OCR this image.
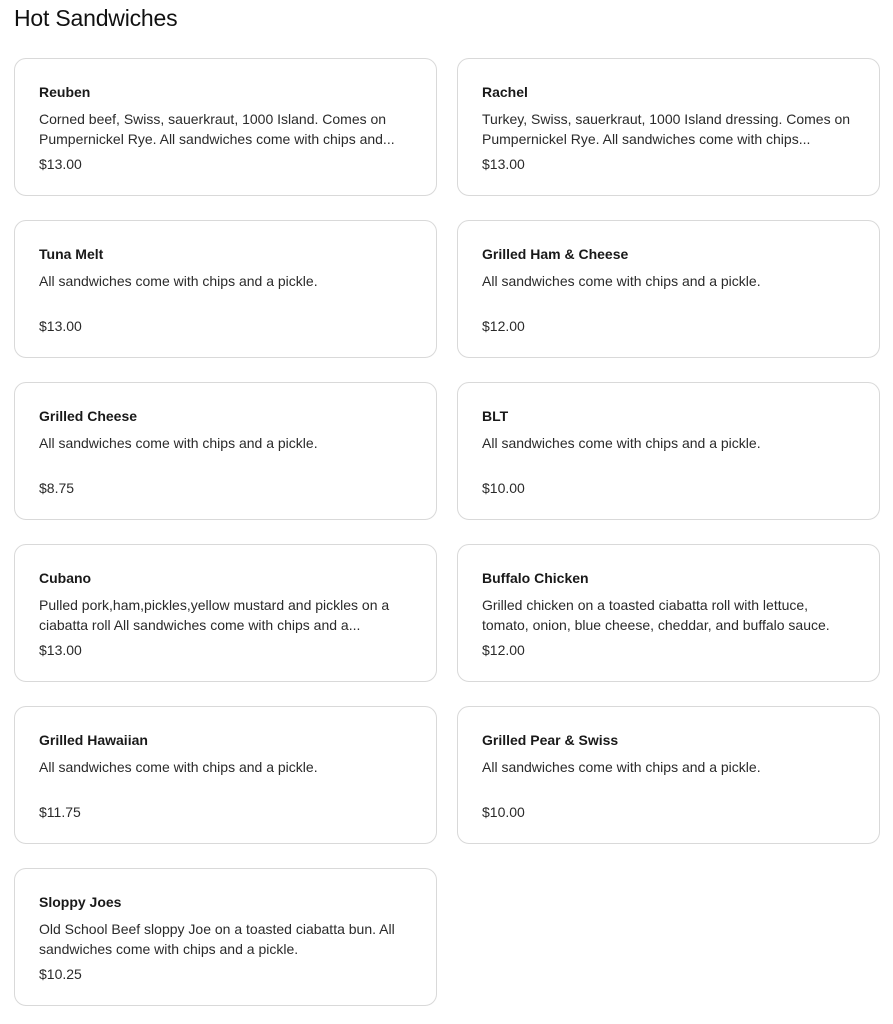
Hot Sandwiches
Reuben
Corned beef, Swiss, sauerkraut, 1000 Island. Comes on Pumpernickel Rye. All sandwiches come with chips and...
$13.00
Rachel
Turkey, Swiss, sauerkraut, 1000 Island dressing. Comes on Pumpernickel Rye. All sandwiches come with chips...
$13.00
Tuna Melt
All sandwiches come with chips and a pickle.
$13.00
Grilled Ham & Cheese
All sandwiches come with chips and a pickle.
$12.00
Grilled Cheese
All sandwiches come with chips and a pickle.
$8.75
BLT
All sandwiches come with chips and a pickle.
$10.00
Cubano
Pulled pork,ham,pickles,yellow mustard and pickles on a ciabatta roll All sandwiches come with chips and a...
$13.00
Buffalo Chicken
Grilled chicken on a toasted ciabatta roll with lettuce, tomato, onion, blue cheese, cheddar, and buffalo sauce.
$12.00
Grilled Hawaiian
All sandwiches come with chips and a pickle.
$11.75
Grilled Pear & Swiss
All sandwiches come with chips and a pickle.
$10.00
Sloppy Joes
Old School Beef sloppy Joe on a toasted ciabatta bun. All sandwiches come with chips and a pickle.
$10.25
